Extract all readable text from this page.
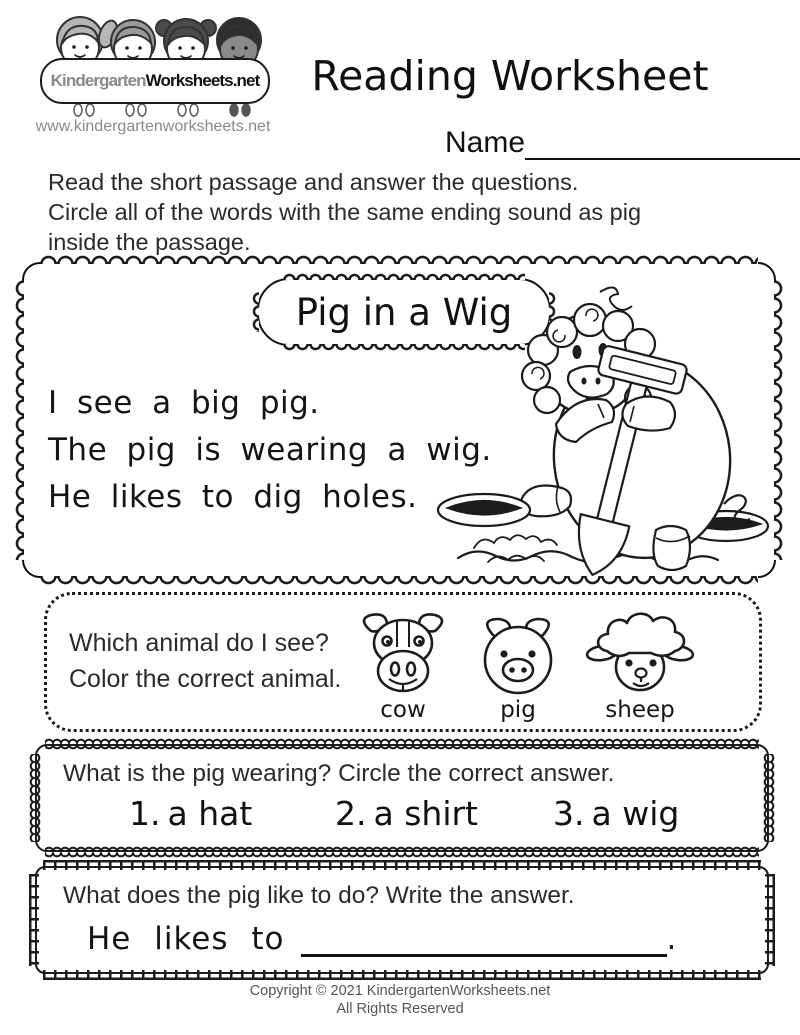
Kindergarten Worksheets.net
www.kindergartenworksheets.net
Reading Worksheet
Name
Read the short passage and answer the questions.
Circle all of the words with the same ending sound as pig
inside the passage.
Pig in a Wig
I see a big pig.
The pig is wearing a wig.
He likes to dig holes.
Which animal do I see?
Color the correct animal.
cow	pig	sheep
What is the pig wearing? Circle the correct answer.
1. a hat	2. a shirt 3. a wig
What does the pig like to do? Write the answer.
He likes to	.
Copyright © 2021 KindergartenWorksheets.net
All Rights Reserved
